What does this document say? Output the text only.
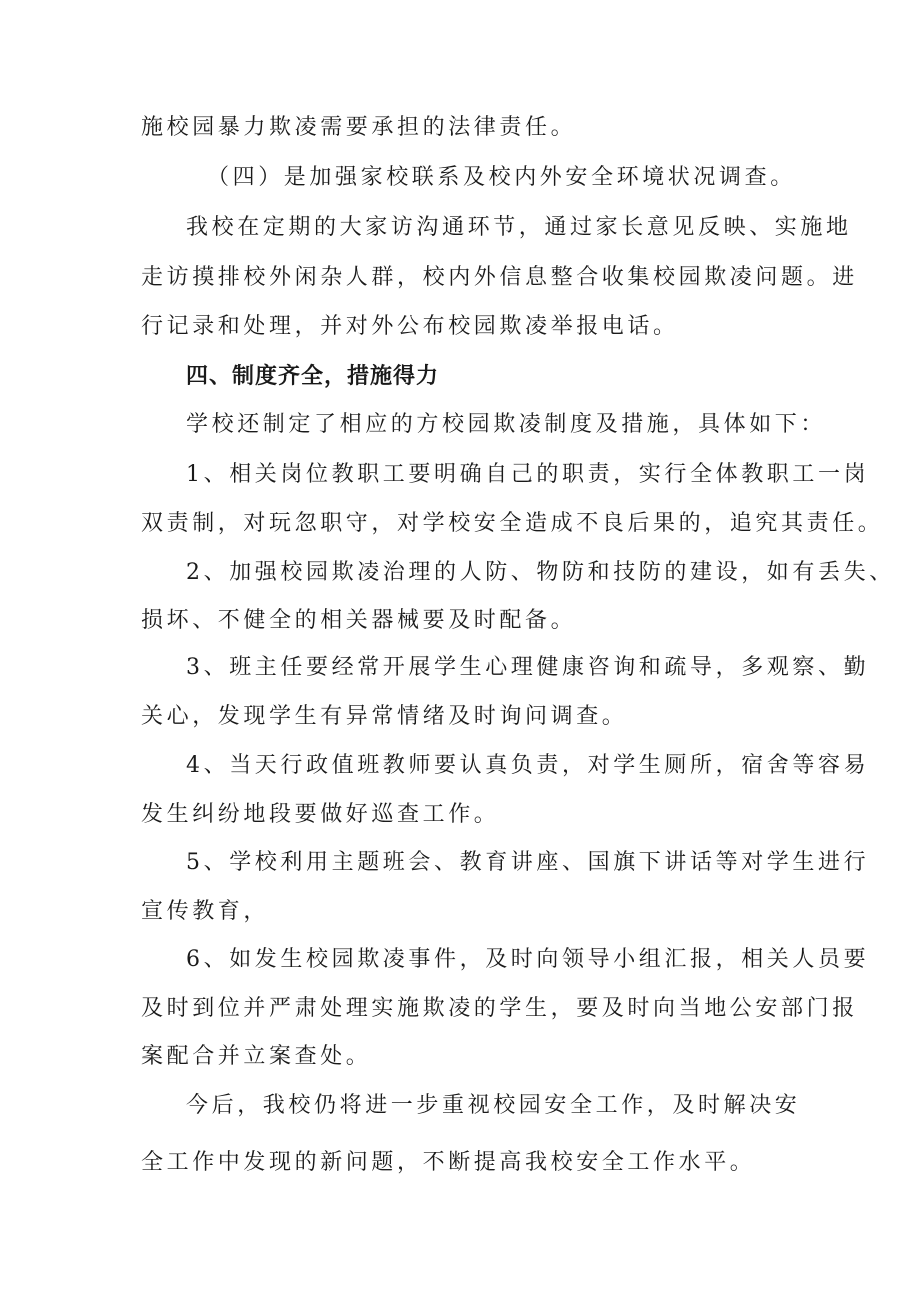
施校园暴力欺凌需要承担的法律责任。
（四）是加强家校联系及校内外安全环境状况调查。
我校在定期的大家访沟通环节，通过家长意见反映、实施地
走访摸排校外闲杂人群，校内外信息整合收集校园欺凌问题。进
行记录和处理，并对外公布校园欺凌举报电话。
四、制度齐全，措施得力
学校还制定了相应的方校园欺凌制度及措施，具体如下：
1、相关岗位教职工要明确自己的职责，实行全体教职工一岗
双责制，对玩忽职守，对学校安全造成不良后果的，追究其责任。
2、加强校园欺凌治理的人防、物防和技防的建设，如有丢失、
损坏、不健全的相关器械要及时配备。
3、班主任要经常开展学生心理健康咨询和疏导，多观察、勤
关心，发现学生有异常情绪及时询问调查。
4、当天行政值班教师要认真负责，对学生厕所，宿舍等容易
发生纠纷地段要做好巡查工作。
5、学校利用主题班会、教育讲座、国旗下讲话等对学生进行
宣传教育，
6、如发生校园欺凌事件，及时向领导小组汇报，相关人员要
及时到位并严肃处理实施欺凌的学生，要及时向当地公安部门报
案配合并立案查处。
今后，我校仍将进一步重视校园安全工作，及时解决安
全工作中发现的新问题，不断提高我校安全工作水平。
